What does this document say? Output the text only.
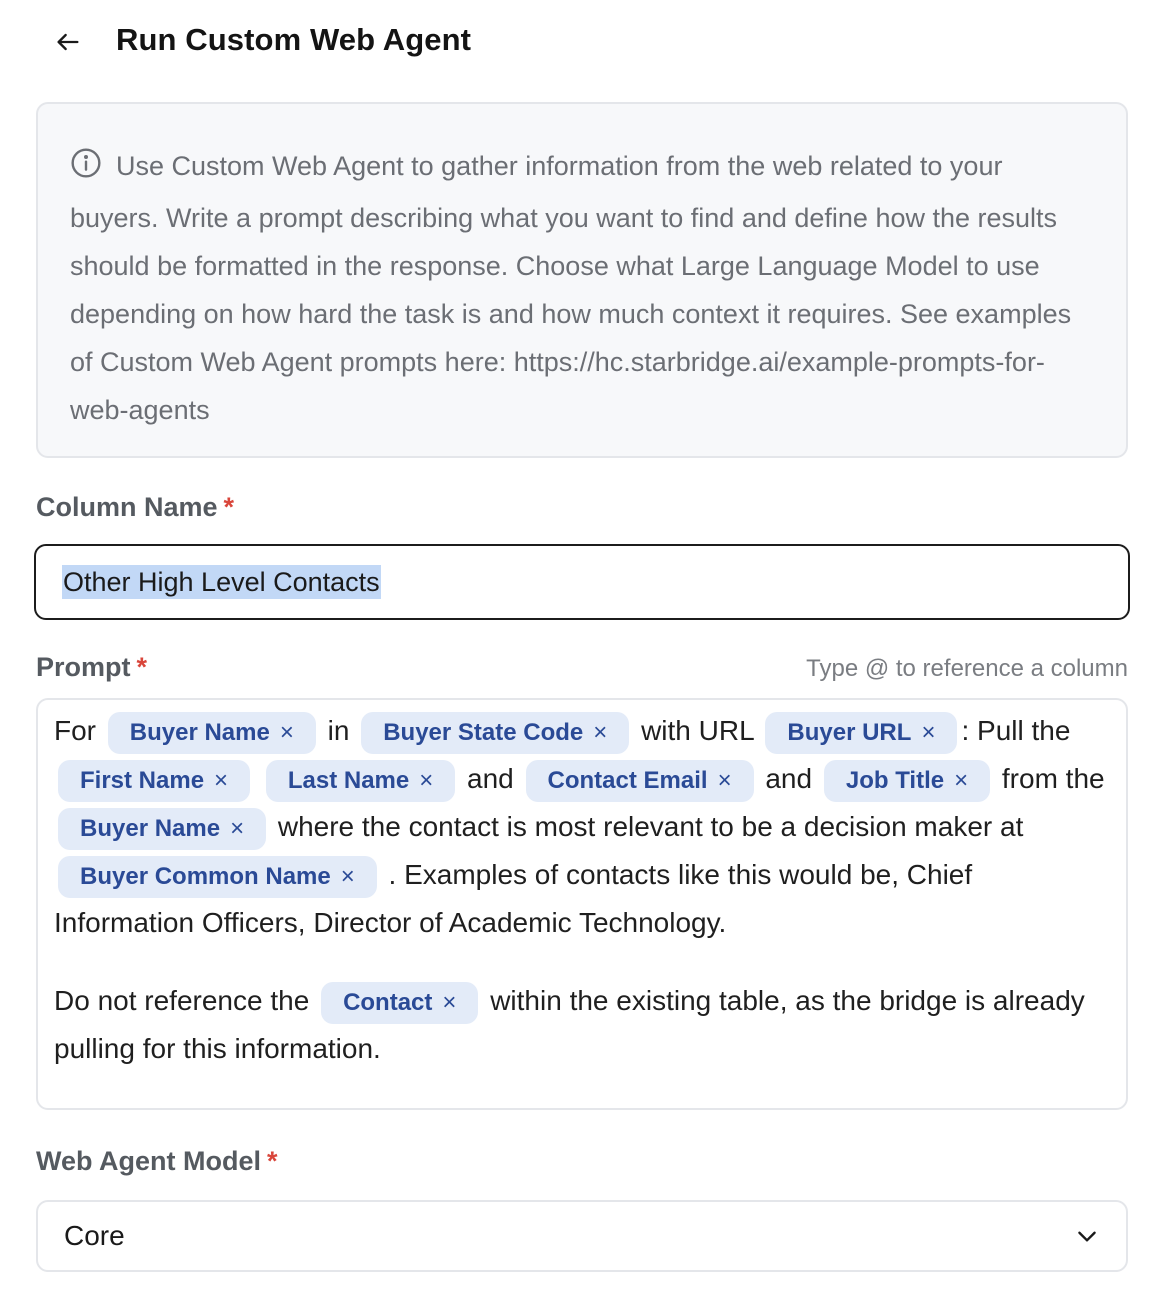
Run Custom Web Agent
Use Custom Web Agent to gather information from the web related to your buyers. Write a prompt describing what you want to find and define how the results should be formatted in the response. Choose what Large Language Model to use depending on how hard the task is and how much context it requires. See examples of Custom Web Agent prompts here: https://hc.starbridge.ai/example-prompts-for-web-agents
Column Name *
Other High Level Contacts
Prompt *	Type @ to reference a column

For Buyer Name × in Buyer State Code × with URL Buyer URL × : Pull the First Name × Last Name × and Contact Email × and Job Title × from the Buyer Name × where the contact is most relevant to be a decision maker at Buyer Common Name × . Examples of contacts like this would be, Chief Information Officers, Director of Academic Technology.

Do not reference the Contact × within the existing table, as the bridge is already pulling for this information.

Web Agent Model *
Core
